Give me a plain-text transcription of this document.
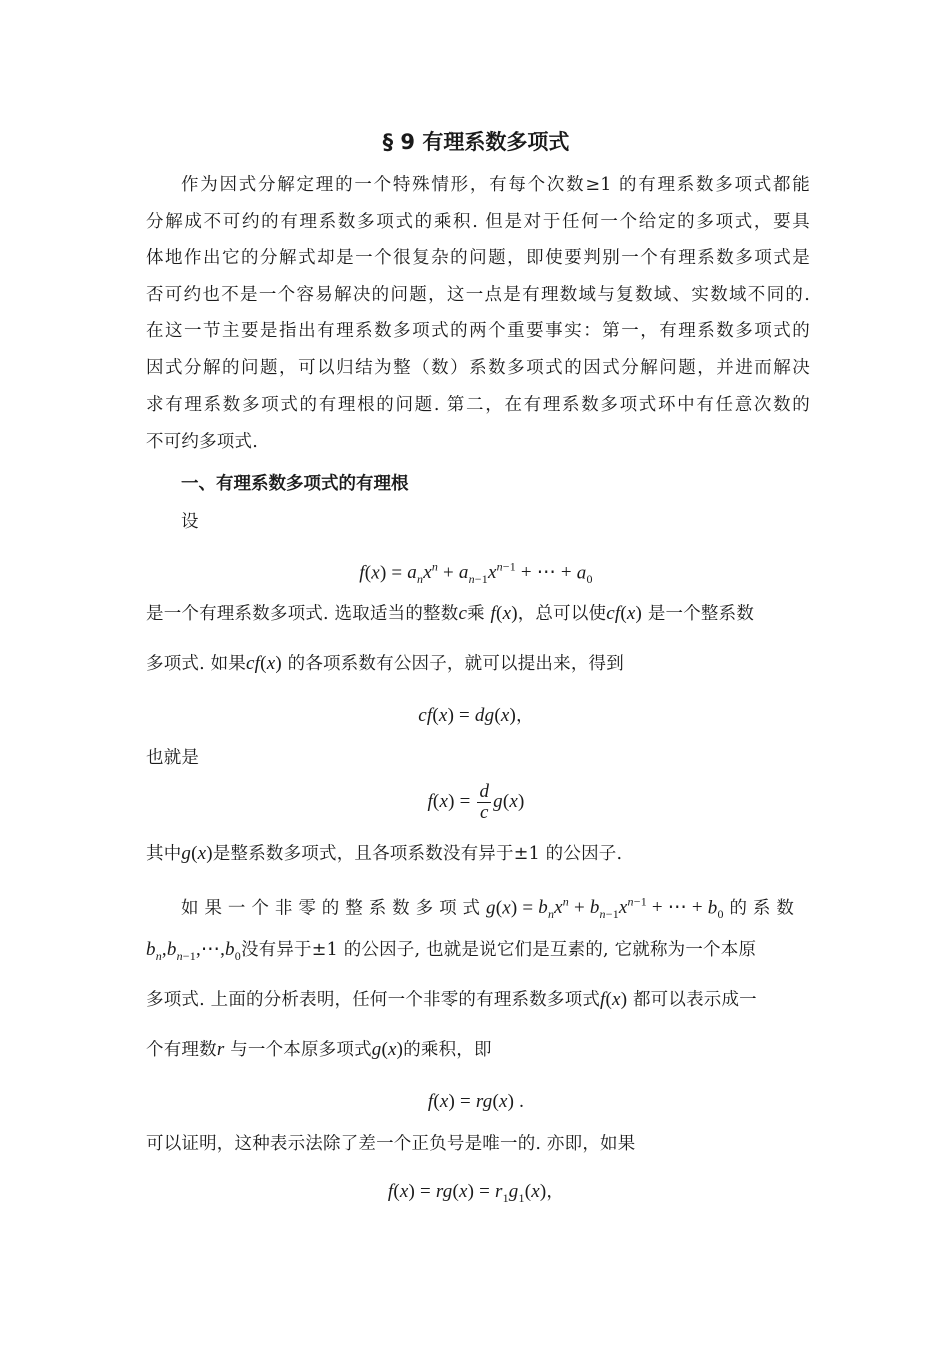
§ 9 有理系数多项式
作为因式分解定理的一个特殊情形，有每个次数≥1 的有理系数多项式都能
分解成不可约的有理系数多项式的乘积. 但是对于任何一个给定的多项式，要具
体地作出它的分解式却是一个很复杂的问题，即使要判别一个有理系数多项式是
否可约也不是一个容易解决的问题，这一点是有理数域与复数域、实数域不同的.
在这一节主要是指出有理系数多项式的两个重要事实：第一，有理系数多项式的
因式分解的问题，可以归结为整（数）系数多项式的因式分解问题，并进而解决
求有理系数多项式的有理根的问题. 第二，在有理系数多项式环中有任意次数的
不可约多项式.
一、有理系数多项式的有理根
设
$f(x) = a_nx^n + a_{n-1}x^{n-1}$ + ⋯ + $a_0$
是一个有理系数多项式. 选取适当的整数c乘 f(x)，总可以使cf(x) 是一个整系数
多项式. 如果cf(x) 的各项系数有公因子，就可以提出来，得到
cf(x) = dg(x)，
也就是
$f(x) = \frac{d}{c} g(x)$
其中g(x)是整系数多项式，且各项系数没有异于±1 的公因子.
如 果 一 个 非 零 的 整 系 数 多 项 式 $g(x) = b_nx^n + b_{n-1}x^{n-1}$ + ⋯ + $b_0$ 的 系 数
$b_n,b_{n-1},\cdots,b_0$没有异于±1 的公因子, 也就是说它们是互素的, 它就称为一个本原
多项式. 上面的分析表明，任何一个非零的有理系数多项式f(x) 都可以表示成一
个有理数r 与一个本原多项式g(x)的乘积，即
f(x) = rg(x) .
可以证明，这种表示法除了差一个正负号是唯一的. 亦即，如果
$f(x) = rg(x) = r_1g_1(x)$，
